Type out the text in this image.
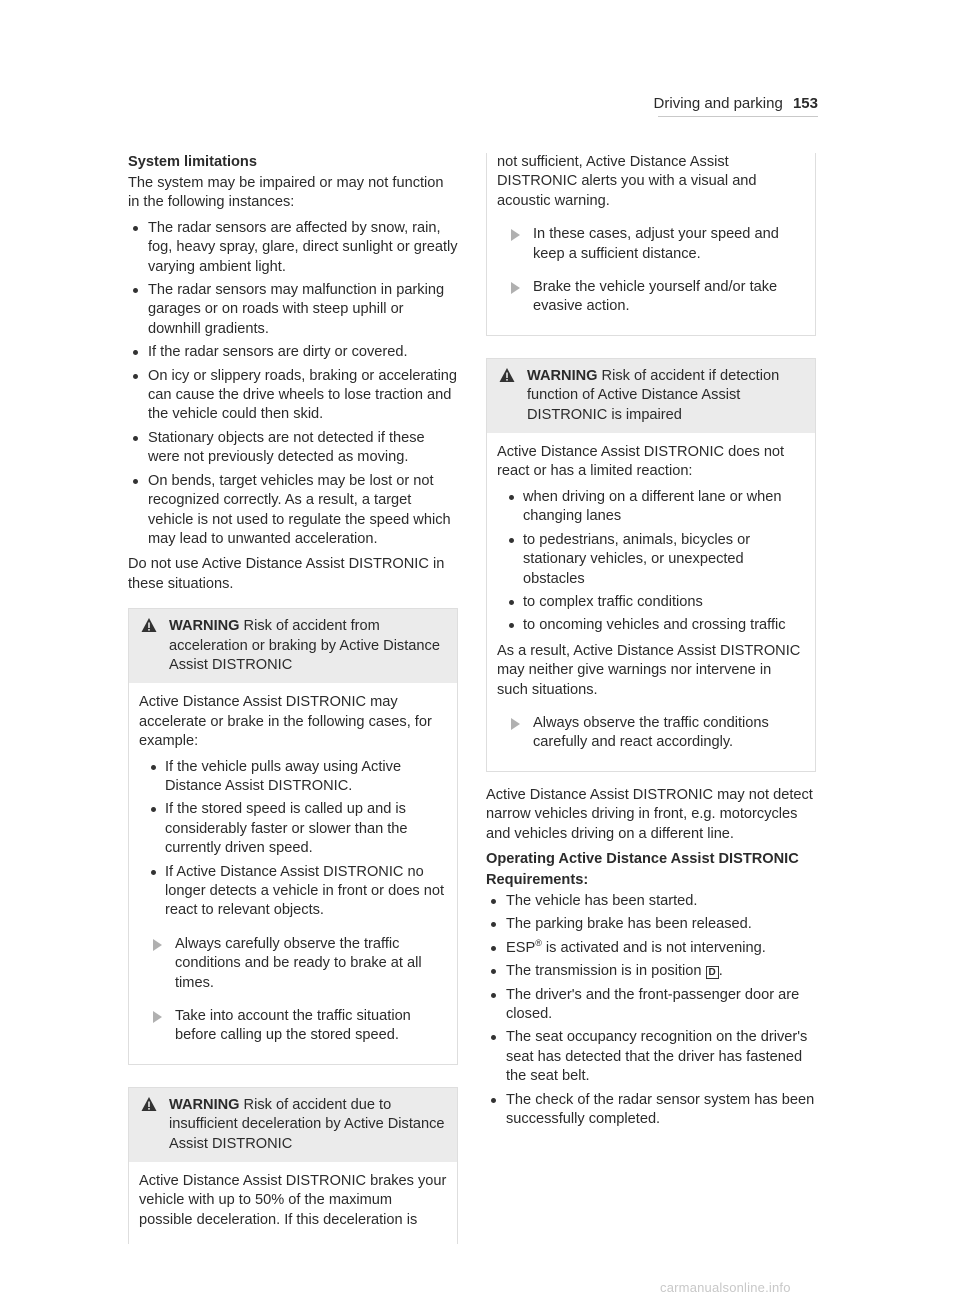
Driving and parking 153
System limitations

The system may be impaired or may not function in the following instances:

The radar sensors are affected by snow, rain, fog, heavy spray, glare, direct sunlight or greatly varying ambient light.
The radar sensors may malfunction in parking garages or on roads with steep uphill or downhill gradients.
If the radar sensors are dirty or covered.
On icy or slippery roads, braking or accelerating can cause the drive wheels to lose traction and the vehicle could then skid.
Stationary objects are not detected if these were not previously detected as moving.
On bends, target vehicles may be lost or not recognized correctly. As a result, a target vehicle is not used to regulate the speed which may lead to unwanted acceleration.

Do not use Active Distance Assist DISTRONIC in these situations.

WARNING Risk of accident from acceleration or braking by Active Distance Assist DISTRONIC

Active Distance Assist DISTRONIC may accelerate or brake in the following cases, for example:

If the vehicle pulls away using Active Distance Assist DISTRONIC.
If the stored speed is called up and is considerably faster or slower than the currently driven speed.
If Active Distance Assist DISTRONIC no longer detects a vehicle in front or does not react to relevant objects.
Always carefully observe the traffic conditions and be ready to brake at all times.
Take into account the traffic situation before calling up the stored speed.
WARNING Risk of accident due to insufficient deceleration by Active Distance Assist DISTRONIC

Active Distance Assist DISTRONIC brakes your vehicle with up to 50% of the maximum possible deceleration. If this deceleration is

not sufficient, Active Distance Assist DISTRONIC alerts you with a visual and acoustic warning.

In these cases, adjust your speed and keep a sufficient distance.
Brake the vehicle yourself and/or take evasive action.
WARNING Risk of accident if detection function of Active Distance Assist DISTRONIC is impaired

Active Distance Assist DISTRONIC does not react or has a limited reaction:

when driving on a different lane or when changing lanes
to pedestrians, animals, bicycles or stationary vehicles, or unexpected obstacles
to complex traffic conditions
to oncoming vehicles and crossing traffic

As a result, Active Distance Assist DISTRONIC may neither give warnings nor intervene in such situations.

Always observe the traffic conditions carefully and react accordingly.

Active Distance Assist DISTRONIC may not detect narrow vehicles driving in front, e.g. motorcycles and vehicles driving on a different line.

Operating Active Distance Assist DISTRONIC
Requirements:
The vehicle has been started.
The parking brake has been released.
ESP® is activated and is not intervening.
The transmission is in position D .
The driver's and the front-passenger door are closed.
The seat occupancy recognition on the driver's seat has detected that the driver has fastened the seat belt.
The check of the radar sensor system has been successfully completed.
carmanualsonline.info
